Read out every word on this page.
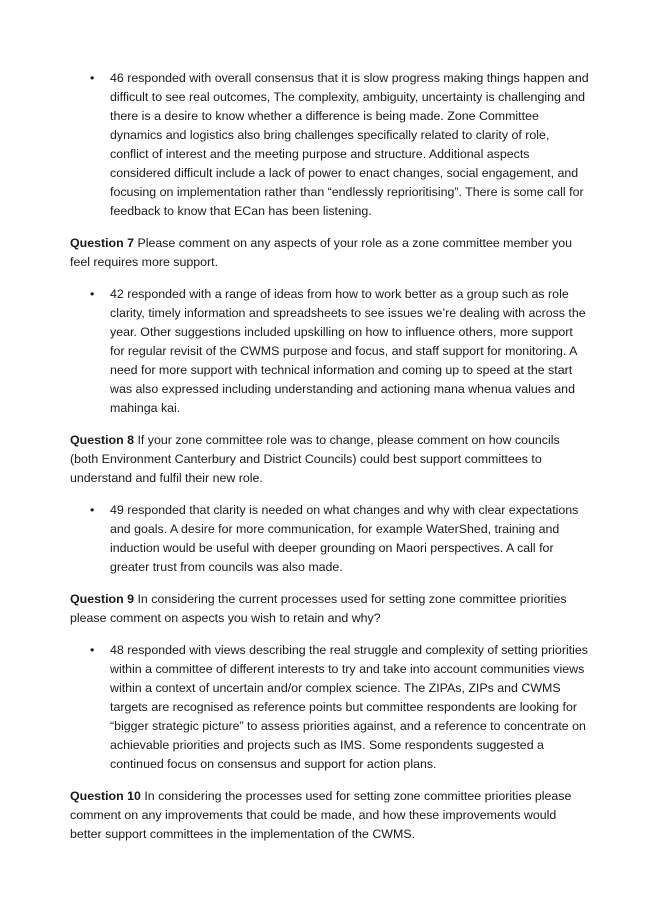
• 46 responded with overall consensus that it is slow progress making things happen and difficult to see real outcomes, The complexity, ambiguity, uncertainty is challenging and there is a desire to know whether a difference is being made. Zone Committee dynamics and logistics also bring challenges specifically related to clarity of role, conflict of interest and the meeting purpose and structure. Additional aspects considered difficult include a lack of power to enact changes, social engagement, and focusing on implementation rather than “endlessly reprioritising”. There is some call for feedback to know that ECan has been listening.

Question 7 Please comment on any aspects of your role as a zone committee member you feel requires more support.

• 42 responded with a range of ideas from how to work better as a group such as role clarity, timely information and spreadsheets to see issues we’re dealing with across the year. Other suggestions included upskilling on how to influence others, more support for regular revisit of the CWMS purpose and focus, and staff support for monitoring. A need for more support with technical information and coming up to speed at the start was also expressed including understanding and actioning mana whenua values and mahinga kai.

Question 8 If your zone committee role was to change, please comment on how councils (both Environment Canterbury and District Councils) could best support committees to understand and fulfil their new role.

• 49 responded that clarity is needed on what changes and why with clear expectations and goals. A desire for more communication, for example WaterShed, training and induction would be useful with deeper grounding on Maori perspectives. A call for greater trust from councils was also made.

Question 9 In considering the current processes used for setting zone committee priorities please comment on aspects you wish to retain and why?

• 48 responded with views describing the real struggle and complexity of setting priorities within a committee of different interests to try and take into account communities views within a context of uncertain and/or complex science. The ZIPAs, ZIPs and CWMS targets are recognised as reference points but committee respondents are looking for “bigger strategic picture” to assess priorities against, and a reference to concentrate on achievable priorities and projects such as IMS. Some respondents suggested a continued focus on consensus and support for action plans.

Question 10 In considering the processes used for setting zone committee priorities please comment on any improvements that could be made, and how these improvements would better support committees in the implementation of the CWMS.
